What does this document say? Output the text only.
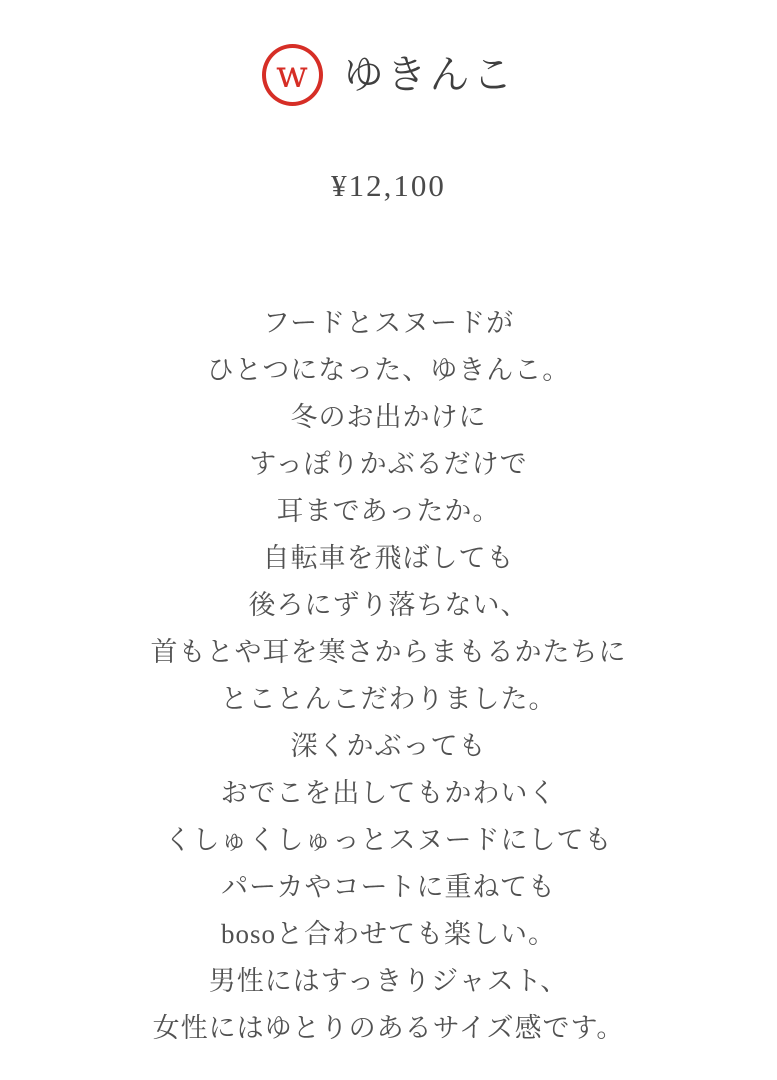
w ゆきんこ
¥12,100
フードとスヌードが
ひとつになった、ゆきんこ。
冬のお出かけに
すっぽりかぶるだけで
耳まであったか。
自転車を飛ばしても
後ろにずり落ちない、
首もとや耳を寒さからまもるかたちに
とことんこだわりました。
深くかぶっても
おでこを出してもかわいく
くしゅくしゅっとスヌードにしても
パーカやコートに重ねても
bosoと合わせても楽しい。
男性にはすっきりジャスト、
女性にはゆとりのあるサイズ感です。
